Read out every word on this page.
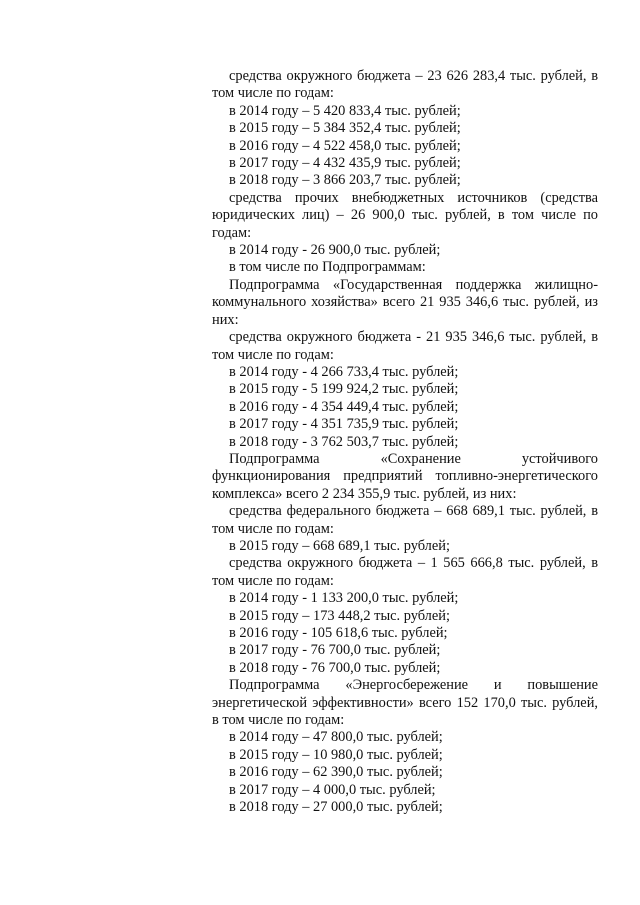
средства окружного бюджета – 23 626 283,4 тыс. рублей, в том числе по годам:

в 2014 году – 5 420 833,4 тыс. рублей;

в 2015 году – 5 384 352,4 тыс. рублей;

в 2016 году – 4 522 458,0 тыс. рублей;

в 2017 году – 4 432 435,9 тыс. рублей;

в 2018 году – 3 866 203,7 тыс. рублей;

средства прочих внебюджетных источников (средства юридических лиц) – 26 900,0 тыс. рублей, в том числе по годам:

в 2014 году - 26 900,0 тыс. рублей;

в том числе по Подпрограммам:

Подпрограмма «Государственная поддержка жилищно-коммунального хозяйства» всего 21 935 346,6 тыс. рублей, из них:

средства окружного бюджета - 21 935 346,6 тыс. рублей, в том числе по годам:

в 2014 году - 4 266 733,4 тыс. рублей;

в 2015 году - 5 199 924,2 тыс. рублей;

в 2016 году - 4 354 449,4 тыс. рублей;

в 2017 году - 4 351 735,9 тыс. рублей;

в 2018 году - 3 762 503,7 тыс. рублей;

Подпрограмма «Сохранение устойчивого функционирования предприятий топливно-энергетического комплекса» всего 2 234 355,9 тыс. рублей, из них:

средства федерального бюджета – 668 689,1 тыс. рублей, в том числе по годам:

в 2015 году – 668 689,1 тыс. рублей;

средства окружного бюджета – 1 565 666,8 тыс. рублей, в том числе по годам:

в 2014 году - 1 133 200,0 тыс. рублей;

в 2015 году – 173 448,2 тыс. рублей;

в 2016 году - 105 618,6 тыс. рублей;

в 2017 году - 76 700,0 тыс. рублей;

в 2018 году - 76 700,0 тыс. рублей;

Подпрограмма «Энергосбережение и повышение энергетической эффективности» всего 152 170,0 тыс. рублей, в том числе по годам:

в 2014 году – 47 800,0 тыс. рублей;

в 2015 году – 10 980,0 тыс. рублей;

в 2016 году – 62 390,0 тыс. рублей;

в 2017 году – 4 000,0 тыс. рублей;

в 2018 году – 27 000,0 тыс. рублей;
